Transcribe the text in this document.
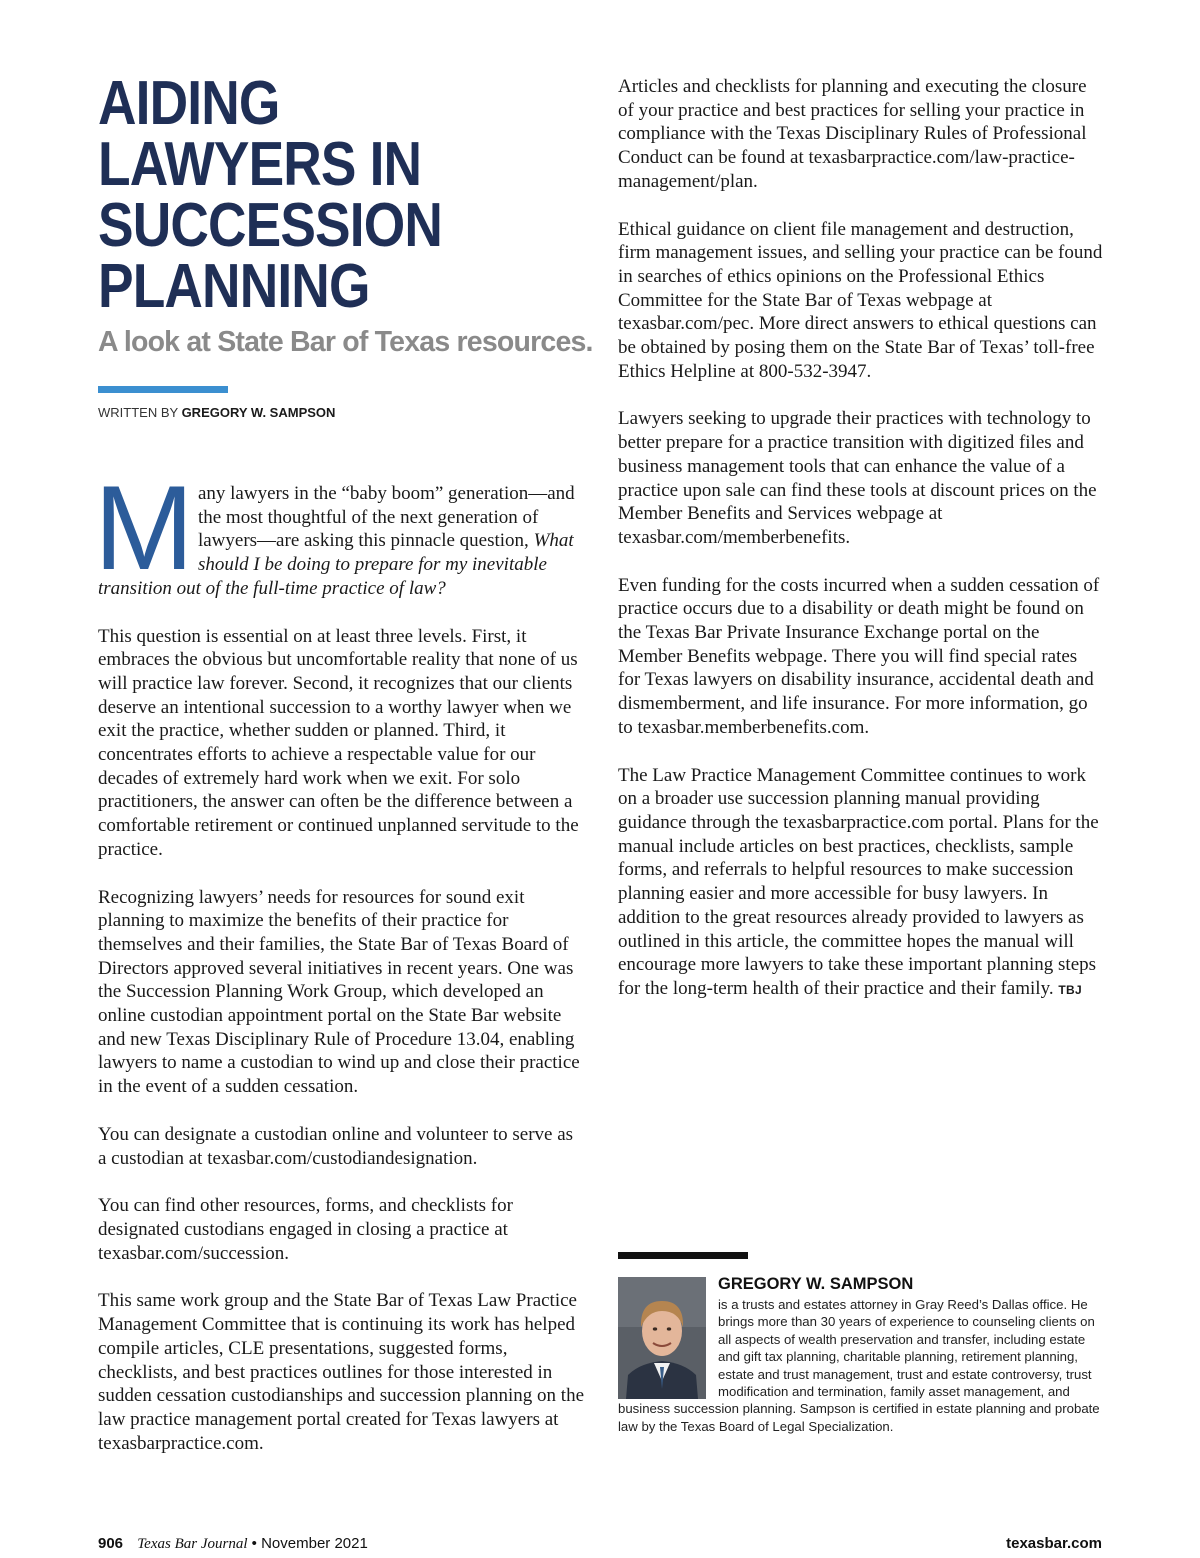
AIDING
LAWYERS IN
SUCCESSION
PLANNING
A look at State Bar of Texas resources.
WRITTEN BY GREGORY W. SAMPSON

Many lawyers in the “baby boom” generation—and the most thoughtful of the next generation of lawyers—are asking this pinnacle question, What should I be doing to prepare for my inevitable transition out of the full-time practice of law?

This question is essential on at least three levels. First, it embraces the obvious but uncomfortable reality that none of us will practice law forever. Second, it recognizes that our clients deserve an intentional succession to a worthy lawyer when we exit the practice, whether sudden or planned. Third, it concentrates efforts to achieve a respectable value for our decades of extremely hard work when we exit. For solo practitioners, the answer can often be the difference between a comfortable retirement or continued unplanned servitude to the practice.

Recognizing lawyers’ needs for resources for sound exit planning to maximize the benefits of their practice for themselves and their families, the State Bar of Texas Board of Directors approved several initiatives in recent years. One was the Succession Planning Work Group, which developed an online custodian appointment portal on the State Bar website and new Texas Disciplinary Rule of Procedure 13.04, enabling lawyers to name a custodian to wind up and close their practice in the event of a sudden cessation.

You can designate a custodian online and volunteer to serve as a custodian at texasbar.com/custodiandesignation.

You can find other resources, forms, and checklists for designated custodians engaged in closing a practice at texasbar.com/succession.

This same work group and the State Bar of Texas Law Practice Management Committee that is continuing its work has helped compile articles, CLE presentations, suggested forms, checklists, and best practices outlines for those interested in sudden cessation custodianships and succession planning on the law practice management portal created for Texas lawyers at texasbarpractice.com.

Articles and checklists for planning and executing the closure of your practice and best practices for selling your practice in compliance with the Texas Disciplinary Rules of Professional Conduct can be found at texasbarpractice.com/law-practice-management/plan.

Ethical guidance on client file management and destruction, firm management issues, and selling your practice can be found in searches of ethics opinions on the Professional Ethics Committee for the State Bar of Texas webpage at texasbar.com/pec. More direct answers to ethical questions can be obtained by posing them on the State Bar of Texas’ toll-free Ethics Helpline at 800-532-3947.

Lawyers seeking to upgrade their practices with technology to better prepare for a practice transition with digitized files and business management tools that can enhance the value of a practice upon sale can find these tools at discount prices on the Member Benefits and Services webpage at texasbar.com/memberbenefits.

Even funding for the costs incurred when a sudden cessation of practice occurs due to a disability or death might be found on the Texas Bar Private Insurance Exchange portal on the Member Benefits webpage. There you will find special rates for Texas lawyers on disability insurance, accidental death and dismemberment, and life insurance. For more information, go to texasbar.memberbenefits.com.

The Law Practice Management Committee continues to work on a broader use succession planning manual providing guidance through the texasbarpractice.com portal. Plans for the manual include articles on best practices, checklists, sample forms, and referrals to helpful resources to make succession planning easier and more accessible for busy lawyers. In addition to the great resources already provided to lawyers as outlined in this article, the committee hopes the manual will encourage more lawyers to take these important planning steps for the long-term health of their practice and their family. TBJ

GREGORY W. SAMPSON
is a trusts and estates attorney in Gray Reed’s Dallas office. He brings more than 30 years of experience to counseling clients on all aspects of wealth preservation and transfer, including estate and gift tax planning, charitable planning, retirement planning, estate and trust management, trust and estate controversy, trust modification and termination, family asset management, and business succession planning. Sampson is certified in estate planning and probate law by the Texas Board of Legal Specialization.
906 Texas Bar Journal • November 2021	texasbar.com
